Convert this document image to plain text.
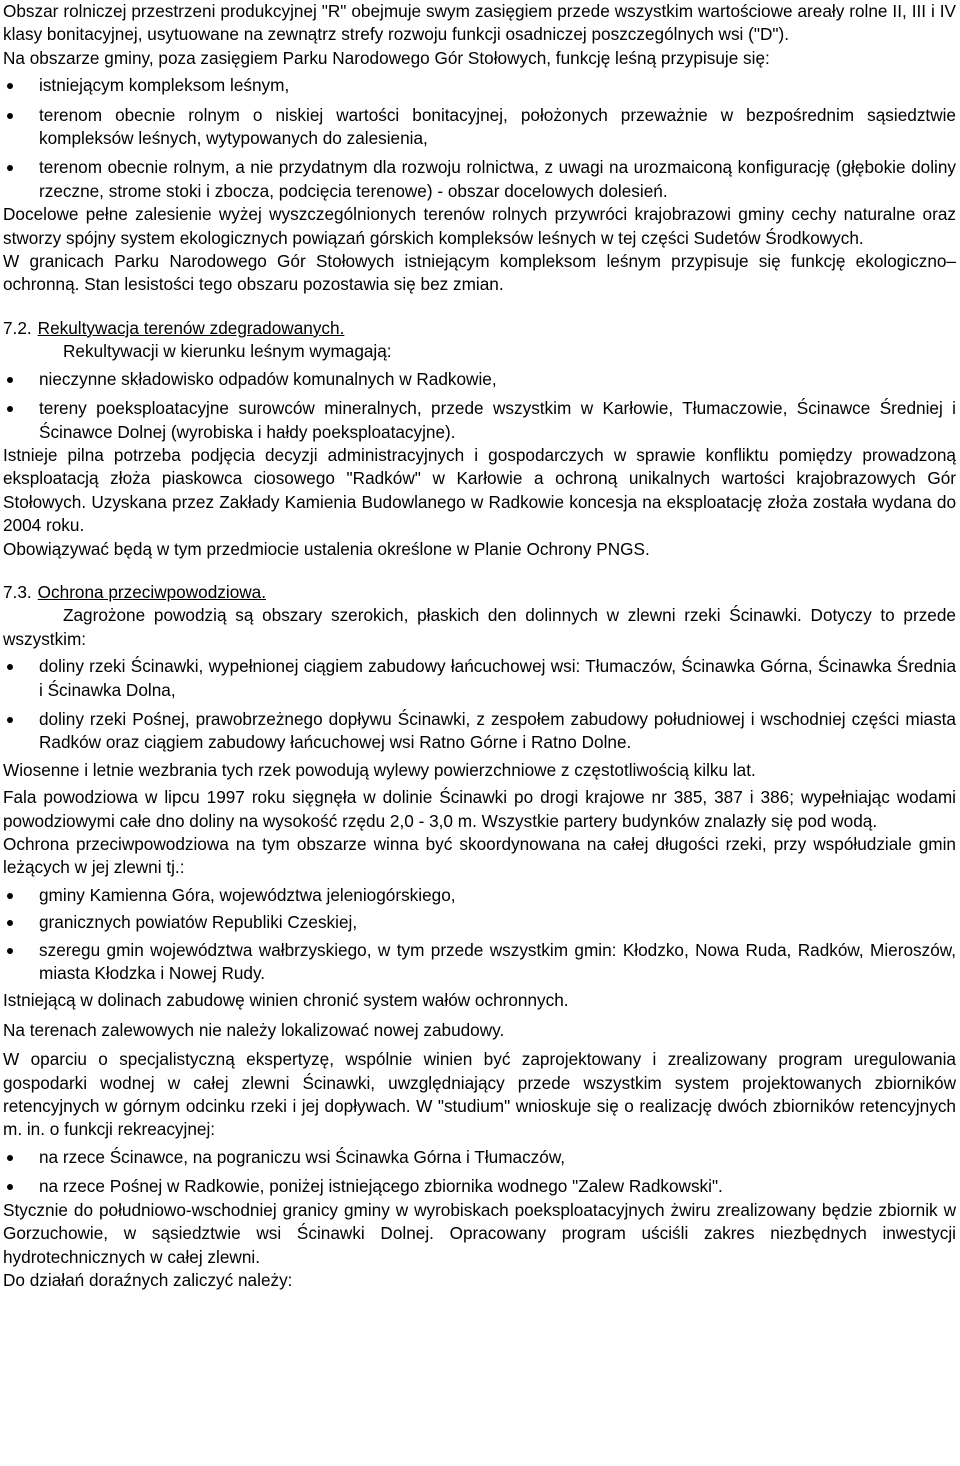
Obszar rolniczej przestrzeni produkcyjnej "R" obejmuje swym zasięgiem przede wszystkim wartościowe areały rolne II, III i IV klasy bonitacyjnej, usytuowane na zewnątrz strefy rozwoju funkcji osadniczej poszczególnych wsi ("D").

Na obszarze gminy, poza zasięgiem Parku Narodowego Gór Stołowych, funkcję leśną przypisuje się:

istniejącym kompleksom leśnym,
terenom obecnie rolnym o niskiej wartości bonitacyjnej, położonych przeważnie w bezpośrednim sąsiedztwie kompleksów leśnych, wytypowanych do zalesienia,
terenom obecnie rolnym, a nie przydatnym dla rozwoju rolnictwa, z uwagi na urozmaiconą konfigurację (głębokie doliny rzeczne, strome stoki i zbocza, podcięcia terenowe) - obszar docelowych dolesień.

Docelowe pełne zalesienie wyżej wyszczególnionych terenów rolnych przywróci krajobrazowi gminy cechy naturalne oraz stworzy spójny system ekologicznych powiązań górskich kompleksów leśnych w tej części Sudetów Środkowych.

W granicach Parku Narodowego Gór Stołowych istniejącym kompleksom leśnym przypisuje się funkcję ekologiczno–ochronną. Stan lesistości tego obszaru pozostawia się bez zmian.

7.2. Rekultywacja terenów zdegradowanych.

Rekultywacji w kierunku leśnym wymagają:

nieczynne składowisko odpadów komunalnych w Radkowie,
tereny poeksploatacyjne surowców mineralnych, przede wszystkim w Karłowie, Tłumaczowie, Ścinawce Średniej i Ścinawce Dolnej (wyrobiska i hałdy poeksploatacyjne).

Istnieje pilna potrzeba podjęcia decyzji administracyjnych i gospodarczych w sprawie konfliktu pomiędzy prowadzoną eksploatacją złoża piaskowca ciosowego "Radków" w Karłowie a ochroną unikalnych wartości krajobrazowych Gór Stołowych. Uzyskana przez Zakłady Kamienia Budowlanego w Radkowie koncesja na eksploatację złoża została wydana do 2004 roku.

Obowiązywać będą w tym przedmiocie ustalenia określone w Planie Ochrony PNGS.

7.3. Ochrona przeciwpowodziowa.

Zagrożone powodzią są obszary szerokich, płaskich den dolinnych w zlewni rzeki Ścinawki. Dotyczy to przede wszystkim:

doliny rzeki Ścinawki, wypełnionej ciągiem zabudowy łańcuchowej wsi: Tłumaczów, Ścinawka Górna, Ścinawka Średnia i Ścinawka Dolna,
doliny rzeki Pośnej, prawobrzeżnego dopływu Ścinawki, z zespołem zabudowy południowej i wschodniej części miasta Radków oraz ciągiem zabudowy łańcuchowej wsi Ratno Górne i Ratno Dolne.

Wiosenne i letnie wezbrania tych rzek powodują wylewy powierzchniowe z częstotliwością kilku lat.

Fala powodziowa w lipcu 1997 roku sięgnęła w dolinie Ścinawki po drogi krajowe nr 385, 387 i 386; wypełniając wodami powodziowymi całe dno doliny na wysokość rzędu 2,0 - 3,0 m. Wszystkie partery budynków znalazły się pod wodą.

Ochrona przeciwpowodziowa na tym obszarze winna być skoordynowana na całej długości rzeki, przy współudziale gmin leżących w jej zlewni tj.:

gminy Kamienna Góra, województwa jeleniogórskiego,
granicznych powiatów Republiki Czeskiej,
szeregu gmin województwa wałbrzyskiego, w tym przede wszystkim gmin: Kłodzko, Nowa Ruda, Radków, Mieroszów, miasta Kłodzka i Nowej Rudy.

Istniejącą w dolinach zabudowę winien chronić system wałów ochronnych.

Na terenach zalewowych nie należy lokalizować nowej zabudowy.

W oparciu o specjalistyczną ekspertyzę, wspólnie winien być zaprojektowany i zrealizowany program uregulowania gospodarki wodnej w całej zlewni Ścinawki, uwzględniający przede wszystkim system projektowanych zbiorników retencyjnych w górnym odcinku rzeki i jej dopływach. W "studium" wnioskuje się o realizację dwóch zbiorników retencyjnych m. in. o funkcji rekreacyjnej:

na rzece Ścinawce, na pograniczu wsi Ścinawka Górna i Tłumaczów,
na rzece Pośnej w Radkowie, poniżej istniejącego zbiornika wodnego "Zalew Radkowski".

Stycznie do południowo-wschodniej granicy gminy w wyrobiskach poeksploatacyjnych żwiru zrealizowany będzie zbiornik w Gorzuchowie, w sąsiedztwie wsi Ścinawki Dolnej. Opracowany program uściśli zakres niezbędnych inwestycji hydrotechnicznych w całej zlewni.

Do działań doraźnych zaliczyć należy:
